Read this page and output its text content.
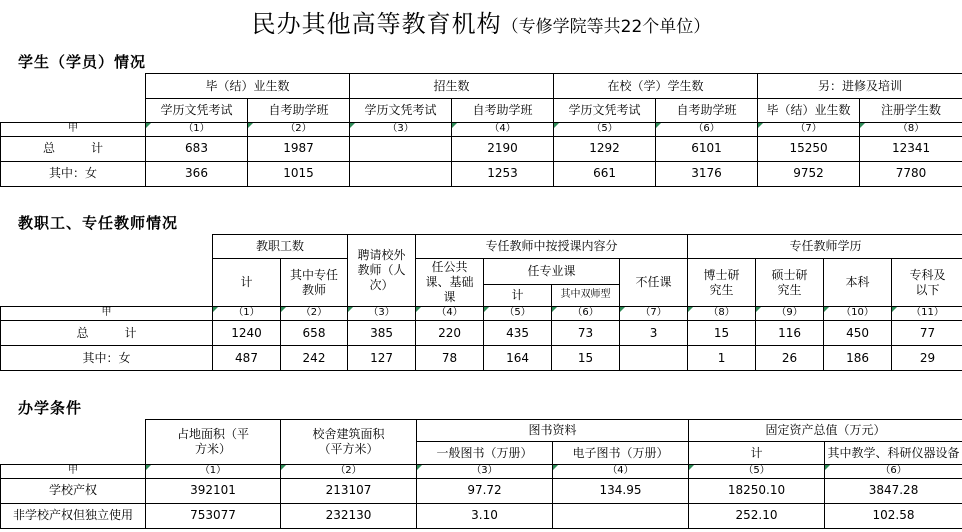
民办其他高等教育机构（专修学院等共22个单位）
学生（学员）情况
	毕（结）业生数		招生数		在校（学）学生数		另：进修及培训	
	学历文凭考试	自考助学班	学历文凭考试	自考助学班	学历文凭考试	自考助学班	毕（结）业生数	注册学生数
甲	（1）	（2）	（3）	（4）	（5）	（6）	（7）	（8）
总　　　计	683	1987		2190	1292	6101	15250	12341
其中：女	366	1015		1253	661	3176	9752	7780
教职工、专任教师情况
	教职工数		聘请校外教师（人次）	专任教师中按授课内容分				专任教师学历			
	计	其中专任教师		任公共课、基础课	任专业课		不任课	博士研究生	硕士研究生	本科	专科及以下
					计	其中双师型					
甲	（1）	（2）	（3）	（4）	（5）	（6）	（7）	（8）	（9）	（10）	（11）
总　　　计	1240	658	385	220	435	73	3	15	116	450	77
其中：女	487	242	127	78	164	15		1	26	186	29
办学条件
	占地面积（平方米）	校舍建筑面积（平方米）	图书资料		固定资产总值（万元）	
			一般图书（万册）	电子图书（万册）	计	其中教学、科研仪器设备
甲	（1）	（2）	（3）	（4）	（5）	（6）
学校产权	392101	213107	97.72	134.95	18250.10	3847.28
非学校产权但独立使用	753077	232130	3.10		252.10	102.58
